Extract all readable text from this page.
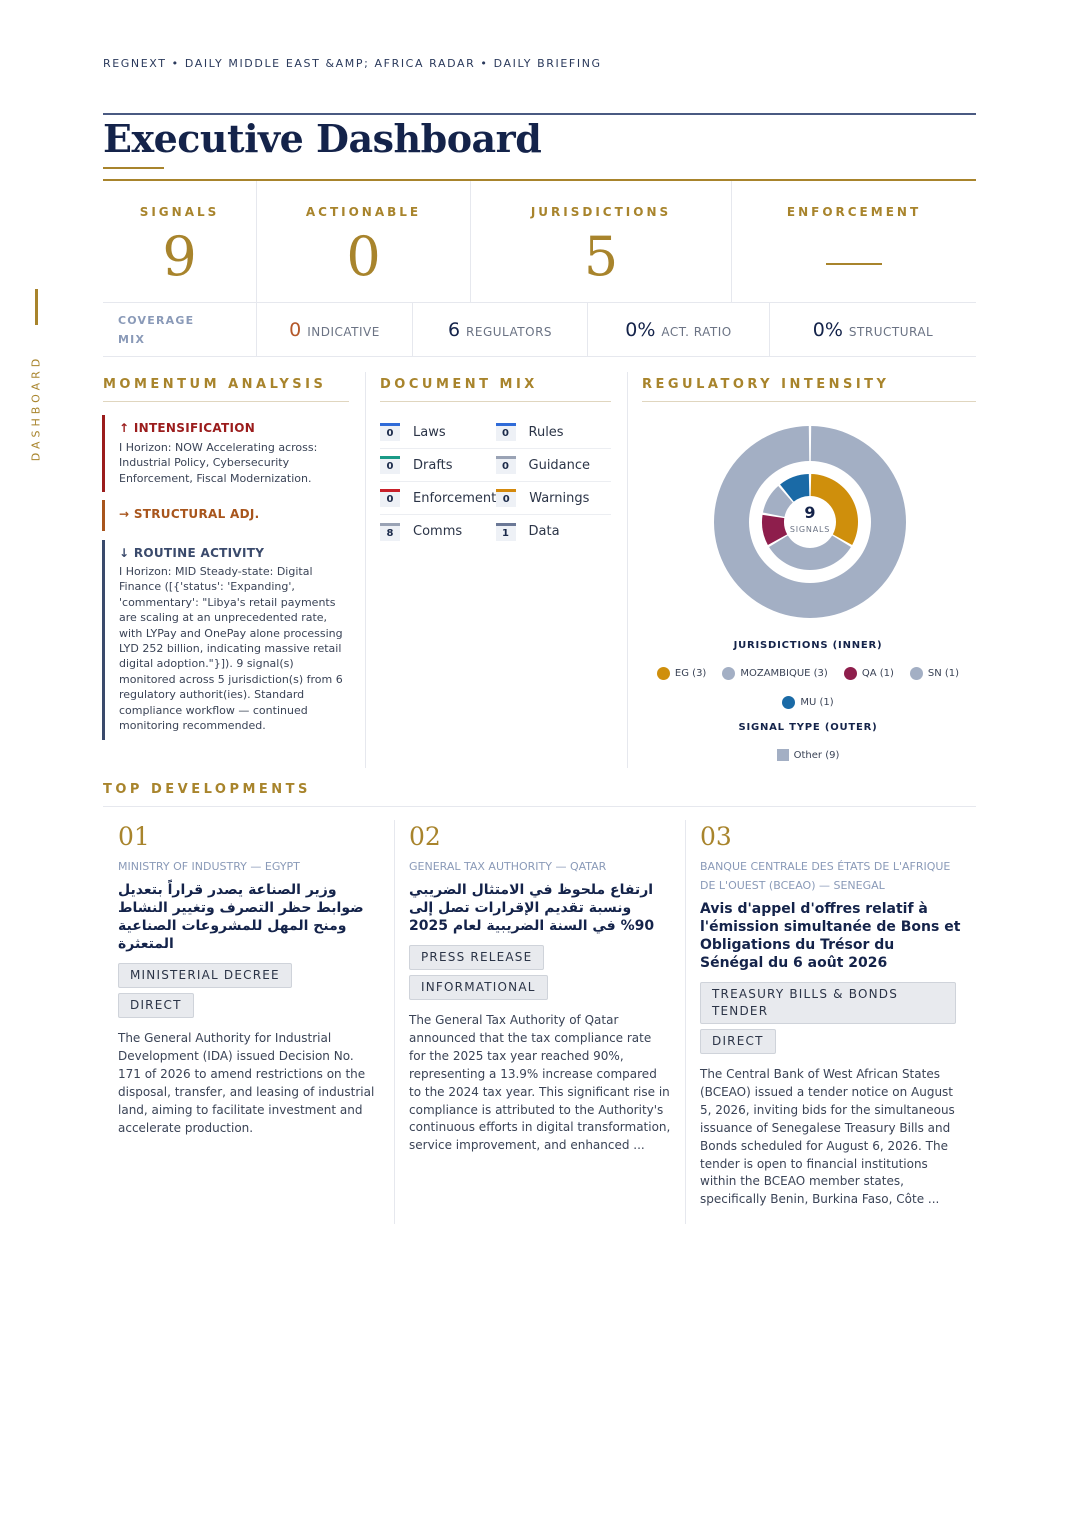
DASHBOARD
REGNEXT • DAILY MIDDLE EAST &AMP; AFRICA RADAR • DAILY BRIEFING
Executive Dashboard
SIGNALS
9
ACTIONABLE
0
JURISDICTIONS
5
ENFORCEMENT
COVERAGE MIX	0 INDICATIVE	6 REGULATORS	0% ACT. RATIO	0% STRUCTURAL
MOMENTUM ANALYSIS	DOCUMENT MIX	REGULATORY INTENSITY
↑ INTENSIFICATION
I Horizon: NOW Accelerating across: Industrial Policy, Cybersecurity Enforcement, Fiscal Modernization.
→ STRUCTURAL ADJ.
↓ ROUTINE ACTIVITY
I Horizon: MID Steady-state: Digital Finance ([{'status': 'Expanding', 'commentary': "Libya's retail payments are scaling at an unprecedented rate, with LYPay and OnePay alone processing LYD 252 billion, indicating massive retail digital adoption."}]). 9 signal(s) monitored across 5 jurisdiction(s) from 6 regulatory authorit(ies). Standard compliance workflow — continued monitoring recommended.
0	Laws	0	Rules
0	Drafts	0	Guidance
0	Enforcement 0	Warnings
8	Comms	1	Data
9
SIGNALS
JURISDICTIONS (INNER)
EG (3)	MOZAMBIQUE (3)	QA (1)	SN (1)
MU (1)
SIGNAL TYPE (OUTER)
Other (9)
TOP DEVELOPMENTS
01
MINISTRY OF INDUSTRY — EGYPT
وزير الصناعة يصدر قراراً بتعديل ضوابط حظر التصرف وتغيير النشاط ومنح المهل للمشروعات الصناعية المتعثرة
MINISTERIAL DECREE
DIRECT
The General Authority for Industrial Development (IDA) issued Decision No. 171 of 2026 to amend restrictions on the disposal, transfer, and leasing of industrial land, aiming to facilitate investment and accelerate production.
02
GENERAL TAX AUTHORITY — QATAR
ارتفاع ملحوظ في الامتثال الضريبي ونسبة تقديم الإقرارات تصل إلى 90% في السنة الضريبية لعام 2025
PRESS RELEASE
INFORMATIONAL
The General Tax Authority of Qatar announced that the tax compliance rate for the 2025 tax year reached 90%, representing a 13.9% increase compared to the 2024 tax year. This significant rise in compliance is attributed to the Authority's continuous efforts in digital transformation, service improvement, and enhanced ...
03
BANQUE CENTRALE DES ÉTATS DE L'AFRIQUE DE L'OUEST (BCEAO) — SENEGAL
Avis d'appel d'offres relatif à l'émission simultanée de Bons et Obligations du Trésor du Sénégal du 6 août 2026
TREASURY BILLS & BONDS TENDER
DIRECT
The Central Bank of West African States (BCEAO) issued a tender notice on August 5, 2026, inviting bids for the simultaneous issuance of Senegalese Treasury Bills and Bonds scheduled for August 6, 2026. The tender is open to financial institutions within the BCEAO member states, specifically Benin, Burkina Faso, Côte ...
